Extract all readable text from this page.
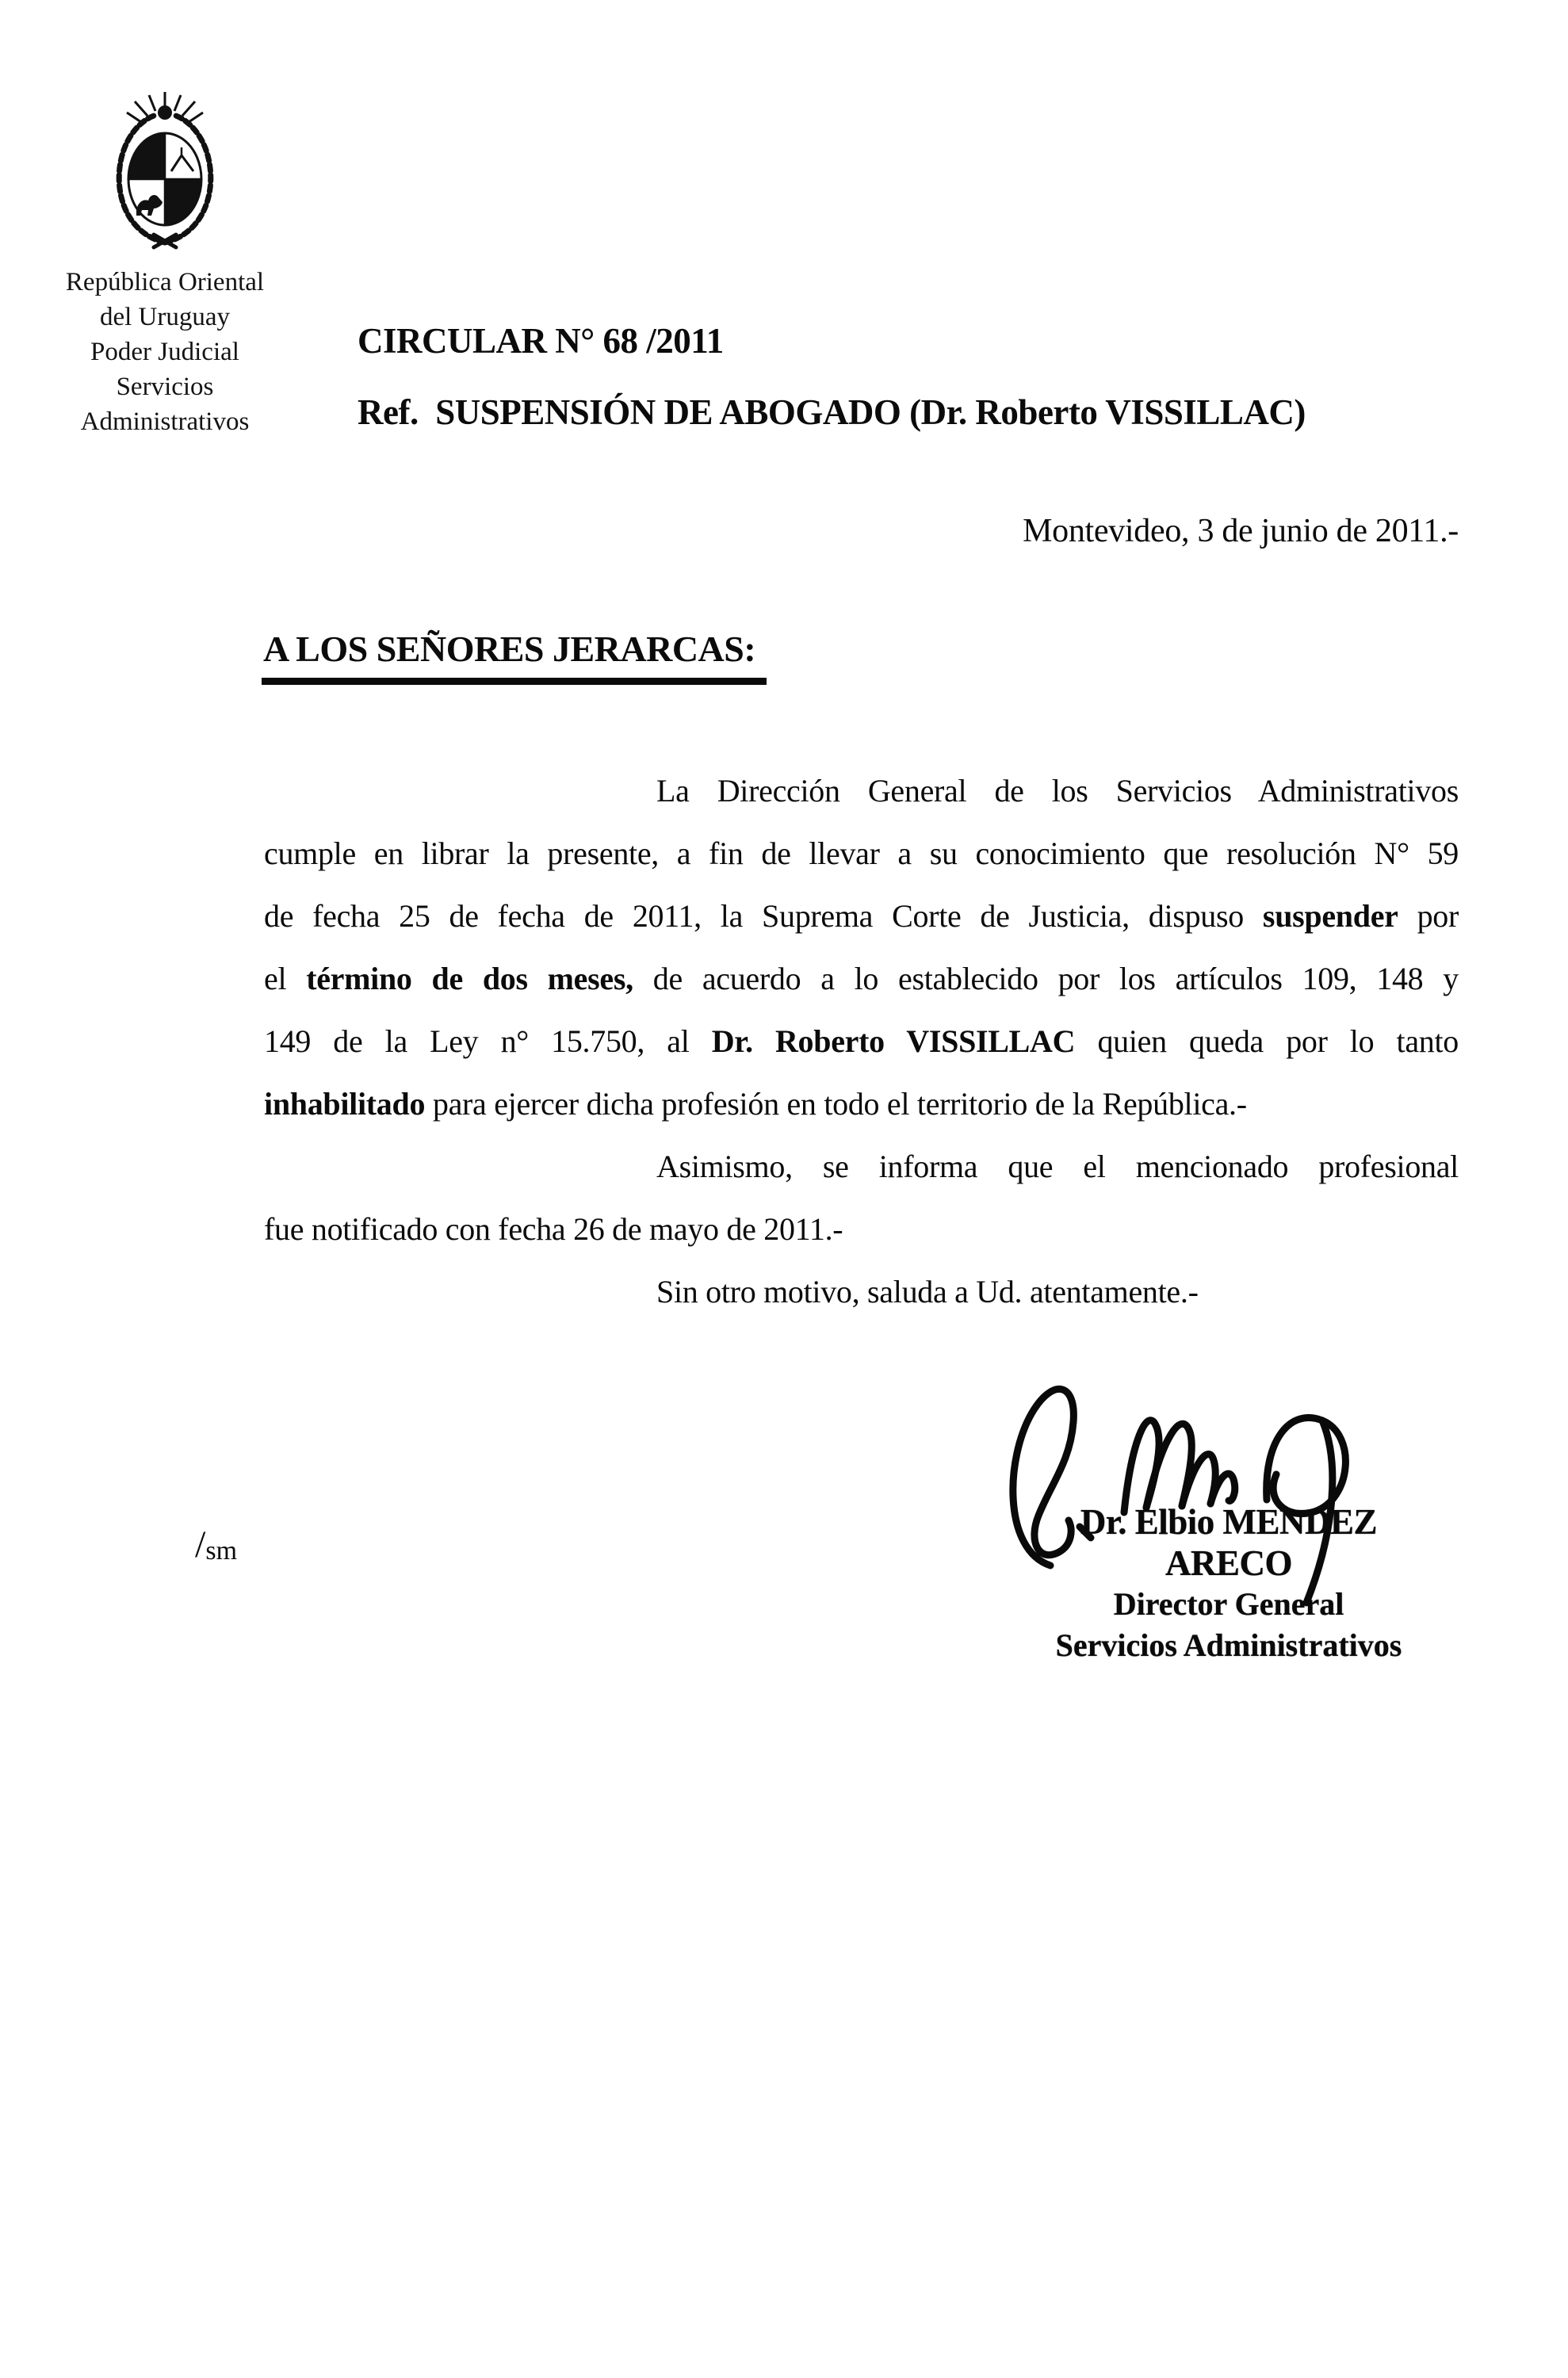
República Oriental
del Uruguay
Poder Judicial
Servicios
Administrativos
CIRCULAR N° 68 /2011
Ref.  SUSPENSIÓN DE ABOGADO (Dr. Roberto VISSILLAC)
Montevideo, 3 de junio de 2011.-
A LOS SEÑORES JERARCAS:
La Dirección General de los Servicios Administrativos
cumple en librar la presente, a fin de llevar a su conocimiento que resolución N° 59
de fecha 25 de fecha de 2011, la Suprema Corte de Justicia, dispuso suspender por
el término de dos meses, de acuerdo a lo establecido por los artículos 109, 148 y
149 de la Ley n° 15.750, al Dr. Roberto VISSILLAC quien queda por lo tanto
inhabilitado para ejercer dicha profesión en todo el territorio de la República.-
Asimismo, se informa que el mencionado profesional
fue notificado con fecha 26 de mayo de 2011.-
Sin otro motivo, saluda a Ud. atentamente.-
/sm
Dr. Elbio MENDEZ ARECO
Director General
Servicios Administrativos
